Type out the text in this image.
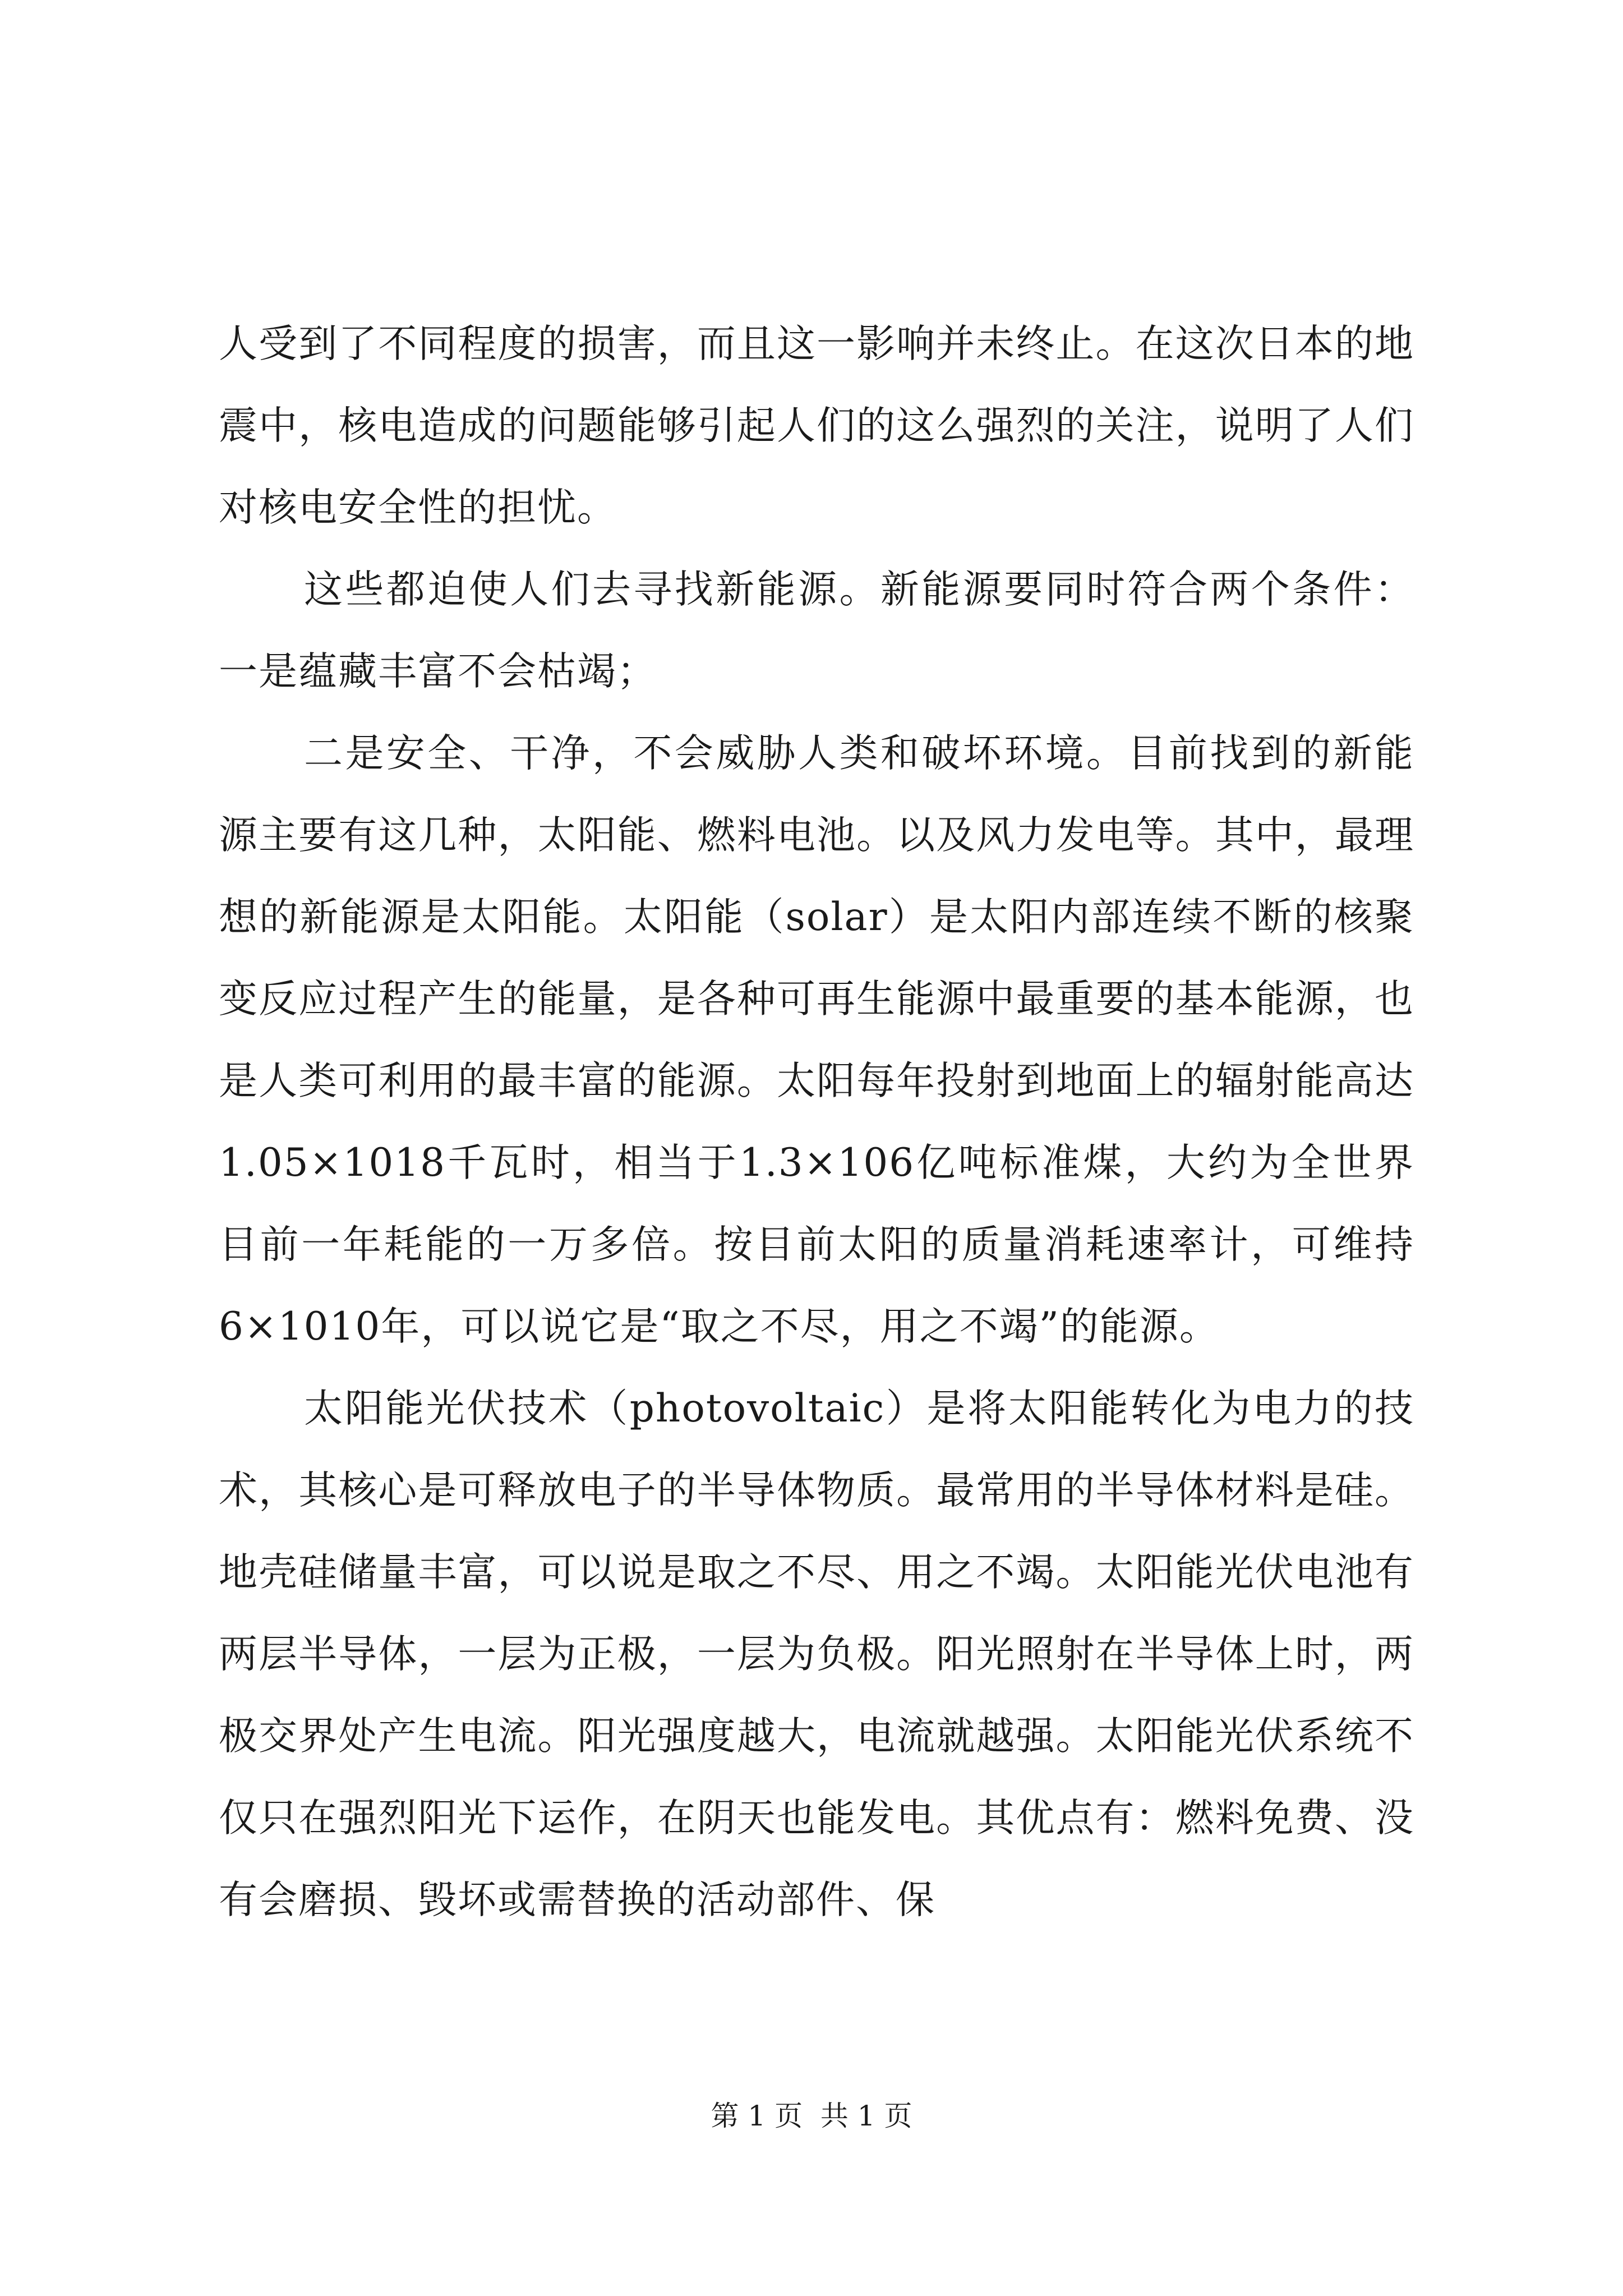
人受到了不同程度的损害，而且这一影响并未终止。在这次日本的地震中，核电造成的问题能够引起人们的这么强烈的关注，说明了人们对核电安全性的担忧。

这些都迫使人们去寻找新能源。新能源要同时符合两个条件：一是蕴藏丰富不会枯竭；

二是安全、干净，不会威胁人类和破坏环境。目前找到的新能源主要有这几种，太阳能、燃料电池。以及风力发电等。其中，最理想的新能源是太阳能。太阳能（solar）是太阳内部连续不断的核聚变反应过程产生的能量，是各种可再生能源中最重要的基本能源，也是人类可利用的最丰富的能源。太阳每年投射到地面上的辐射能高达1.05×1018千瓦时，相当于1.3×106亿吨标准煤，大约为全世界目前一年耗能的一万多倍。按目前太阳的质量消耗速率计，可维持6×1010年，可以说它是“取之不尽，用之不竭”的能源。

太阳能光伏技术（photovoltaic）是将太阳能转化为电力的技术，其核心是可释放电子的半导体物质。最常用的半导体材料是硅。地壳硅储量丰富，可以说是取之不尽、用之不竭。太阳能光伏电池有两层半导体，一层为正极，一层为负极。阳光照射在半导体上时，两极交界处产生电流。阳光强度越大，电流就越强。太阳能光伏系统不仅只在强烈阳光下运作，在阴天也能发电。其优点有：燃料免费、没有会磨损、毁坏或需替换的活动部件、保

第 1 页  共 1 页
